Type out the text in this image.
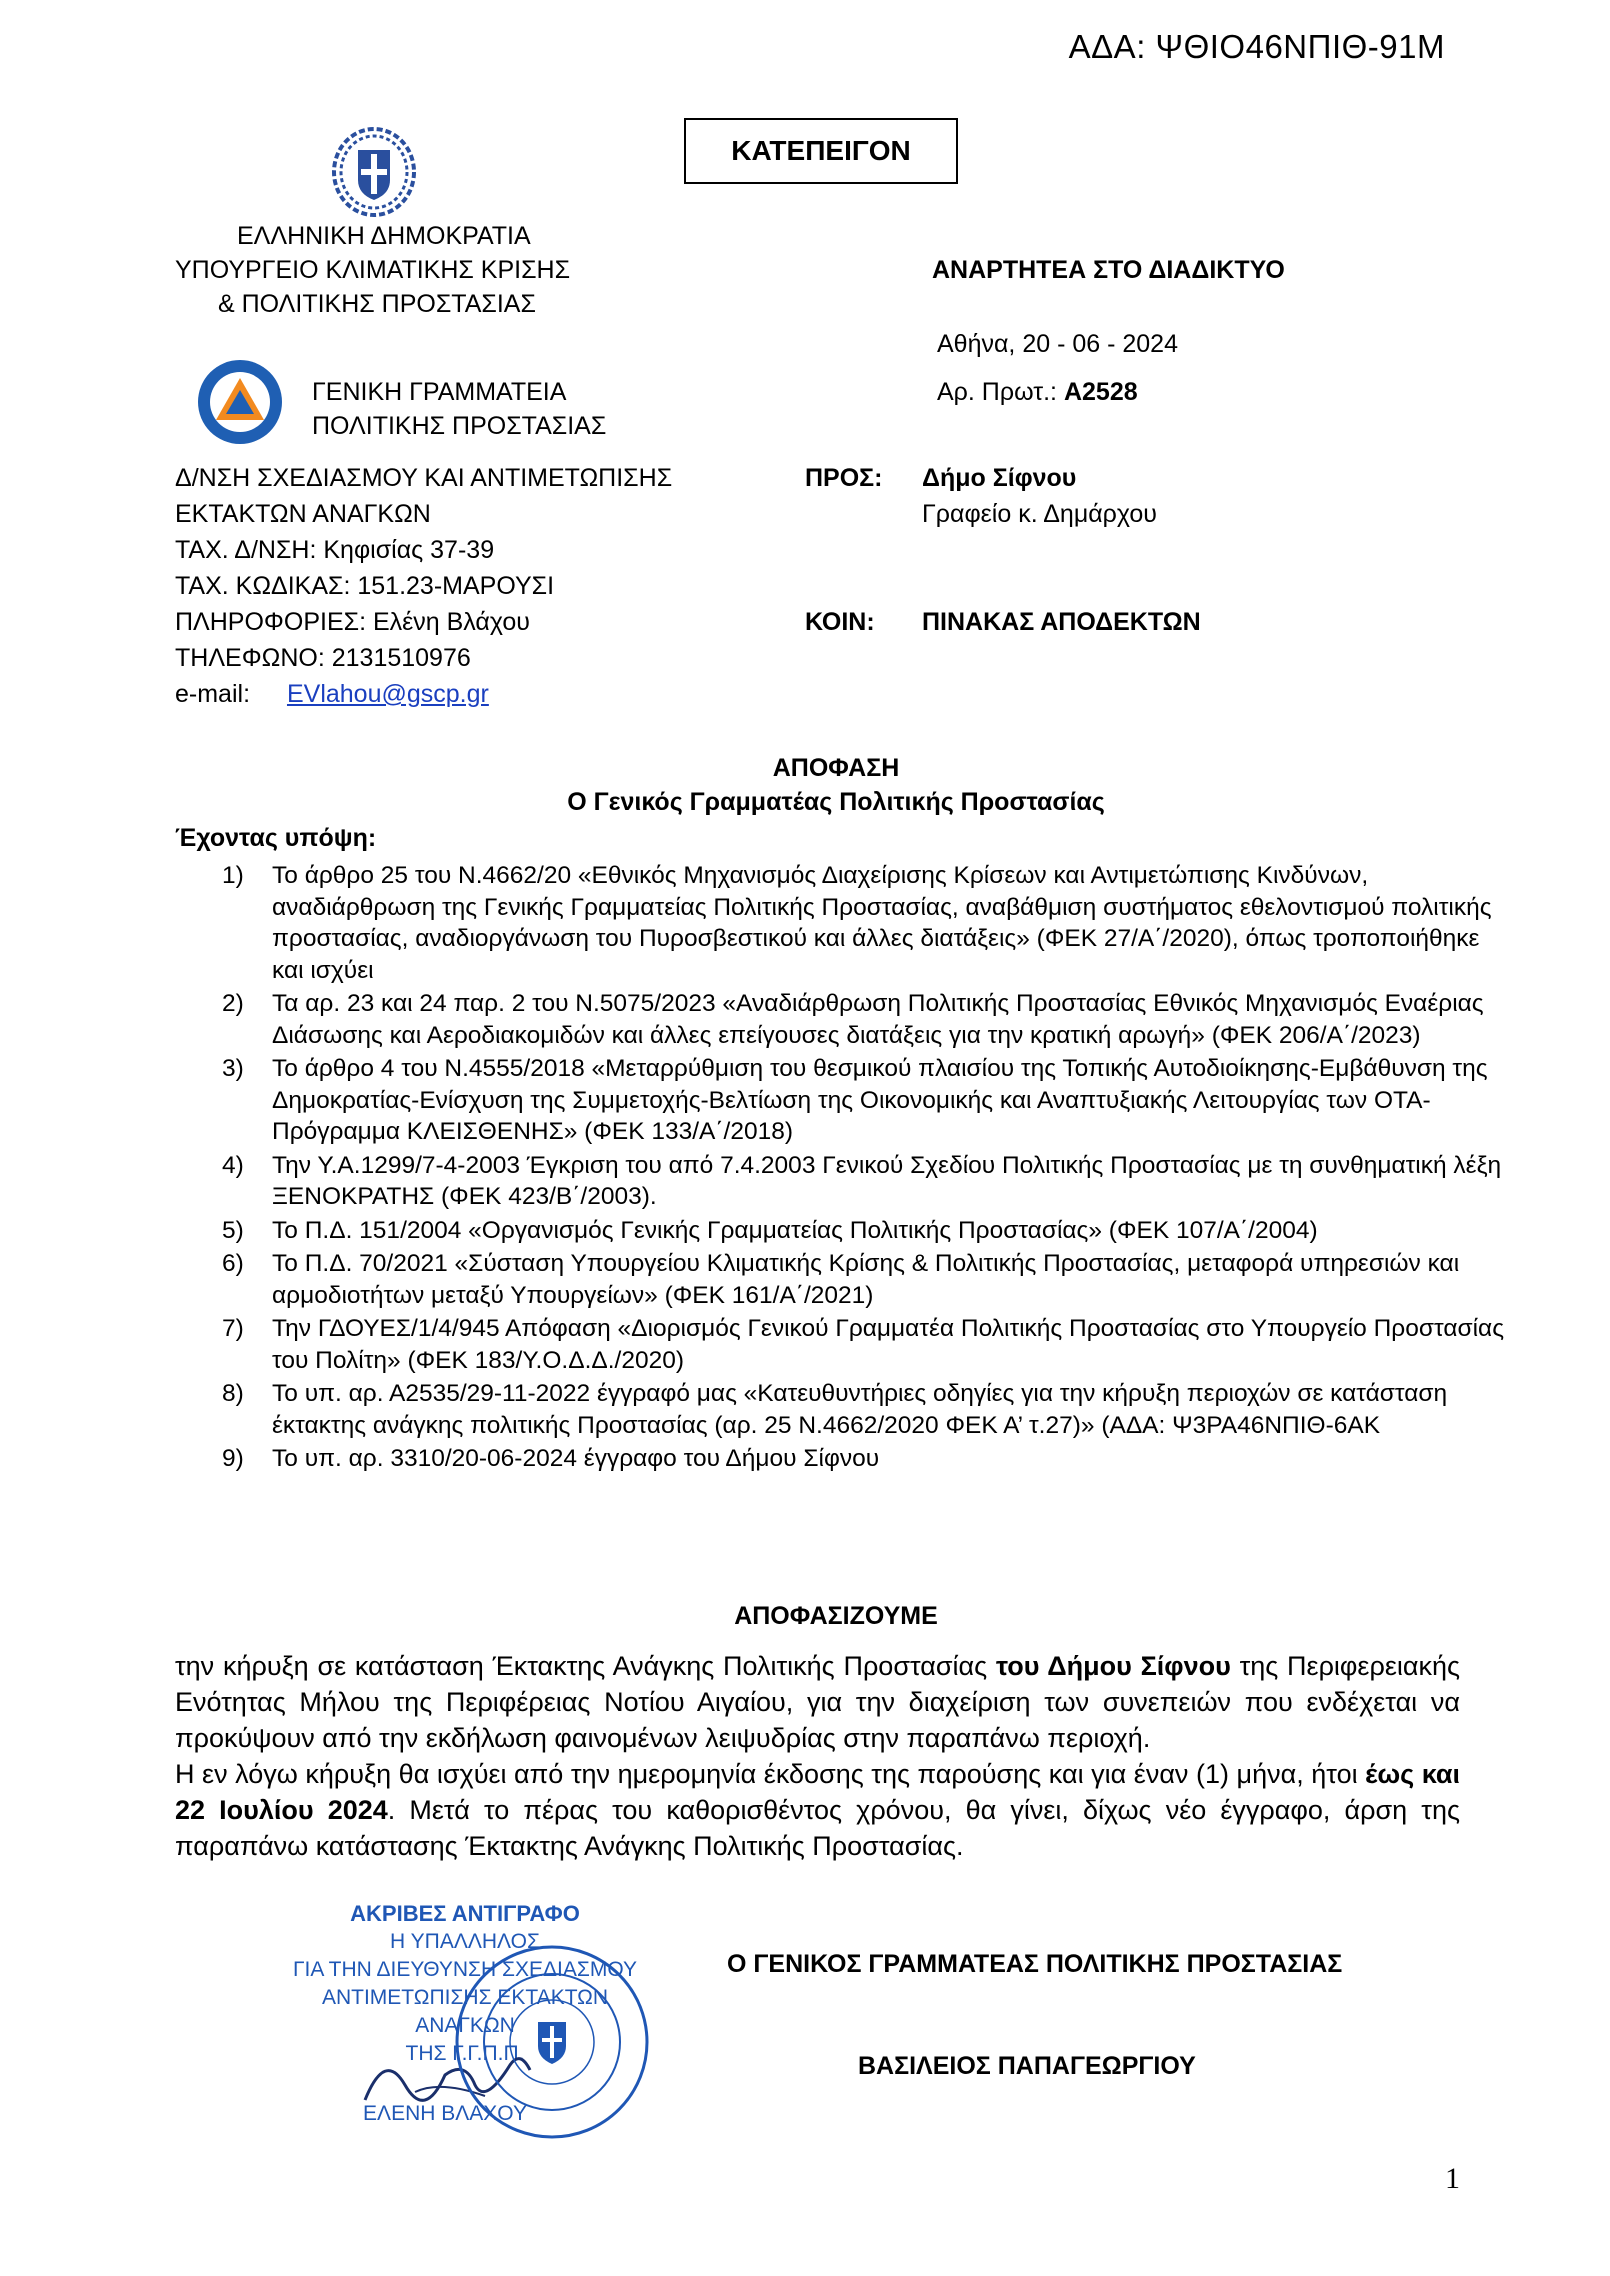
ΑΔΑ: ΨΘΙΟ46ΝΠΙΘ-91Μ
ΚΑΤΕΠΕΙΓΟΝ
ΕΛΛΗΝΙΚΗ ΔΗΜΟΚΡΑΤΙΑ
ΥΠΟΥΡΓΕΙΟ ΚΛΙΜΑΤΙΚΗΣ ΚΡΙΣΗΣ
& ΠΟΛΙΤΙΚΗΣ ΠΡΟΣΤΑΣΙΑΣ
ΓΕΝΙΚΗ ΓΡΑΜΜΑΤΕΙΑ
ΠΟΛΙΤΙΚΗΣ ΠΡΟΣΤΑΣΙΑΣ
ΑΝΑΡΤΗΤΕΑ ΣΤΟ ΔΙΑΔΙΚΤΥΟ
Αθήνα, 20 - 06 - 2024
Αρ. Πρωτ.: Α2528
Δ/ΝΣΗ ΣΧΕΔΙΑΣΜΟΥ ΚΑΙ ΑΝΤΙΜΕΤΩΠΙΣΗΣ
ΕΚΤΑΚΤΩΝ ΑΝΑΓΚΩΝ
ΤΑΧ. Δ/ΝΣΗ: Κηφισίας 37-39
ΤΑΧ. ΚΩΔΙΚΑΣ: 151.23-ΜΑΡΟΥΣΙ
ΠΛΗΡΟΦΟΡΙΕΣ: Ελένη Βλάχου
ΤΗΛΕΦΩΝΟ: 2131510976
e-mail: EVlahou@gscp.gr
ΠΡΟΣ: Δήμο Σίφνου
Γραφείο κ. Δημάρχου
ΚΟΙΝ: ΠΙΝΑΚΑΣ ΑΠΟΔΕΚΤΩΝ
ΑΠΟΦΑΣΗ
Ο Γενικός Γραμματέας Πολιτικής Προστασίας
Έχοντας υπόψη:
1)	Το άρθρο 25 του Ν.4662/20 «Εθνικός Μηχανισμός Διαχείρισης Κρίσεων και Αντιμετώπισης Κινδύνων, αναδιάρθρωση της Γενικής Γραμματείας Πολιτικής Προστασίας, αναβάθμιση συστήματος εθελοντισμού πολιτικής προστασίας, αναδιοργάνωση του Πυροσβεστικού και άλλες διατάξεις» (ΦΕΚ 27/Α΄/2020), όπως τροποποιήθηκε και ισχύει
2)	Τα αρ. 23 και 24 παρ. 2 του Ν.5075/2023 «Αναδιάρθρωση Πολιτικής Προστασίας Εθνικός Μηχανισμός Εναέριας Διάσωσης και Αεροδιακομιδών και άλλες επείγουσες διατάξεις για την κρατική αρωγή» (ΦΕΚ 206/Α΄/2023)
3)	Το άρθρο 4 του Ν.4555/2018 «Μεταρρύθμιση του θεσμικού πλαισίου της Τοπικής Αυτοδιοίκησης-Εμβάθυνση της Δημοκρατίας-Ενίσχυση της Συμμετοχής-Βελτίωση της Οικονομικής και Αναπτυξιακής Λειτουργίας των ΟΤΑ-Πρόγραμμα ΚΛΕΙΣΘΕΝΗΣ» (ΦΕΚ 133/Α΄/2018)
4)	Την Υ.Α.1299/7-4-2003 Έγκριση του από 7.4.2003 Γενικού Σχεδίου Πολιτικής Προστασίας με τη συνθηματική λέξη ΞΕΝΟΚΡΑΤΗΣ (ΦΕΚ 423/Β΄/2003).
5)	Το Π.Δ. 151/2004 «Οργανισμός Γενικής Γραμματείας Πολιτικής Προστασίας» (ΦΕΚ 107/Α΄/2004)
6)	Το Π.Δ. 70/2021 «Σύσταση Υπουργείου Κλιματικής Κρίσης & Πολιτικής Προστασίας, μεταφορά υπηρεσιών και αρμοδιοτήτων μεταξύ Υπουργείων» (ΦΕΚ 161/Α΄/2021)
7)	Την ΓΔΟΥΕΣ/1/4/945 Απόφαση «Διορισμός Γενικού Γραμματέα Πολιτικής Προστασίας στο Υπουργείο Προστασίας του Πολίτη» (ΦΕΚ 183/Υ.Ο.Δ.Δ./2020)
8)	Το υπ. αρ. Α2535/29-11-2022 έγγραφό μας «Κατευθυντήριες οδηγίες για την κήρυξη περιοχών σε κατάσταση έκτακτης ανάγκης πολιτικής Προστασίας (αρ. 25 Ν.4662/2020 ΦΕΚ Α’ τ.27)» (ΑΔΑ: Ψ3ΡΑ46ΝΠΙΘ-6ΑΚ
9)	Το υπ. αρ. 3310/20-06-2024 έγγραφο του Δήμου Σίφνου
ΑΠΟΦΑΣΙΖΟΥΜΕ
την κήρυξη σε κατάσταση Έκτακτης Ανάγκης Πολιτικής Προστασίας του Δήμου Σίφνου της Περιφερειακής Ενότητας Μήλου της Περιφέρειας Νοτίου Αιγαίου, για την διαχείριση των συνεπειών που ενδέχεται να προκύψουν από την εκδήλωση φαινομένων λειψυδρίας στην παραπάνω περιοχή.
Η εν λόγω κήρυξη θα ισχύει από την ημερομηνία έκδοσης της παρούσης και για έναν (1) μήνα, ήτοι έως και 22 Ιουλίου 2024. Μετά το πέρας του καθορισθέντος χρόνου, θα γίνει, δίχως νέο έγγραφο, άρση της παραπάνω κατάστασης Έκτακτης Ανάγκης Πολιτικής Προστασίας.
ΑΚΡΙΒΕΣ ΑΝΤΙΓΡΑΦΟ
Η ΥΠΑΛΛΗΛΟΣ
ΓΙΑ ΤΗΝ ΔΙΕΥΘΥΝΣΗ ΣΧΕΔΙΑΣΜΟΥ
ΑΝΤΙΜΕΤΩΠΙΣΗΣ ΕΚΤΑΚΤΩΝ ΑΝΑΓΚΩΝ
ΤΗΣ Γ.Γ.Π.Π.
ΕΛΕΝΗ ΒΛΑΧΟΥ
Ο ΓΕΝΙΚΟΣ ΓΡΑΜΜΑΤΕΑΣ ΠΟΛΙΤΙΚΗΣ ΠΡΟΣΤΑΣΙΑΣ
ΒΑΣΙΛΕΙΟΣ ΠΑΠΑΓΕΩΡΓΙΟΥ
1
